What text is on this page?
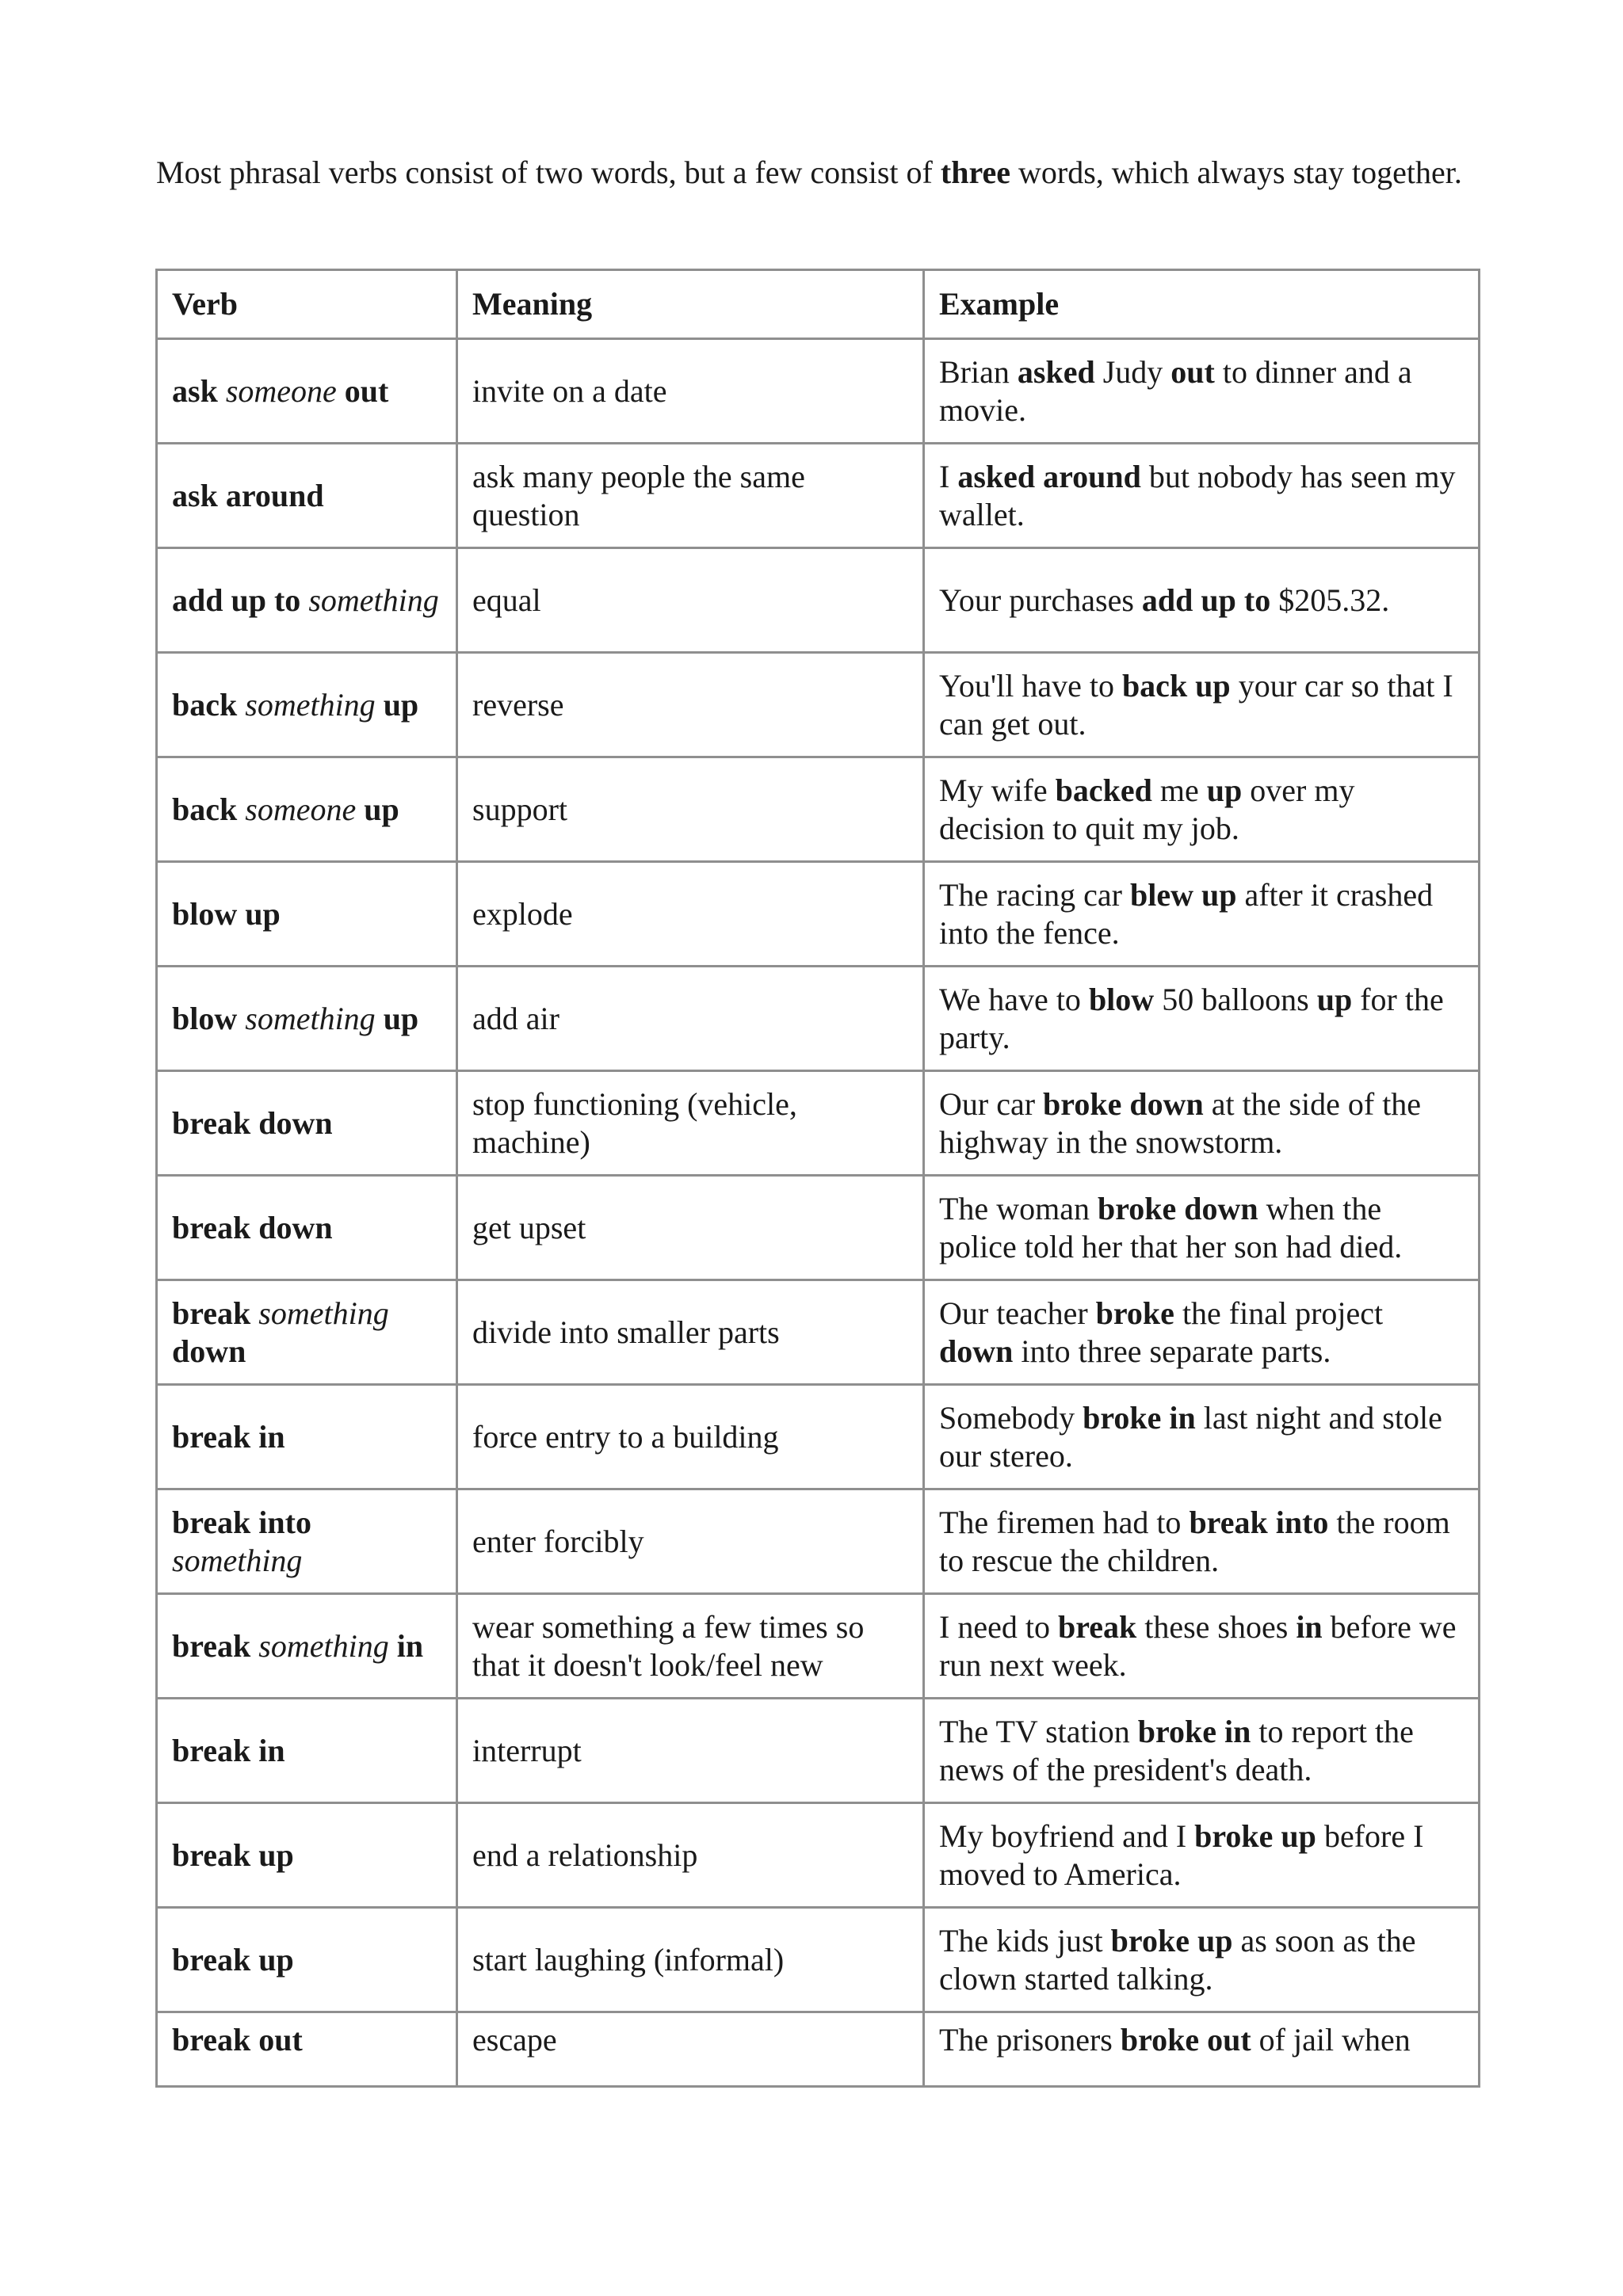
Most phrasal verbs consist of two words, but a few consist of three words, which always stay together.

Verb	Meaning	Example
ask someone out	invite on a date	Brian asked Judy out to dinner and a movie.
ask around	ask many people the same question	I asked around but nobody has seen my wallet.
add up to something	equal	Your purchases add up to $205.32.
back something up	reverse	You'll have to back up your car so that I can get out.
back someone up	support	My wife backed me up over my decision to quit my job.
blow up	explode	The racing car blew up after it crashed into the fence.
blow something up	add air	We have to blow 50 balloons up for the party.
break down	stop functioning (vehicle, machine)	Our car broke down at the side of the highway in the snowstorm.
break down	get upset	The woman broke down when the police told her that her son had died.
break something down	divide into smaller parts	Our teacher broke the final project down into three separate parts.
break in	force entry to a building	Somebody broke in last night and stole our stereo.
break into something	enter forcibly	The firemen had to break into the room to rescue the children.
break something in	wear something a few times so that it doesn't look/feel new	I need to break these shoes in before we run next week.
break in	interrupt	The TV station broke in to report the news of the president's death.
break up	end a relationship	My boyfriend and I broke up before I moved to America.
break up	start laughing (informal)	The kids just broke up as soon as the clown started talking.
break out	escape	The prisoners broke out of jail when
